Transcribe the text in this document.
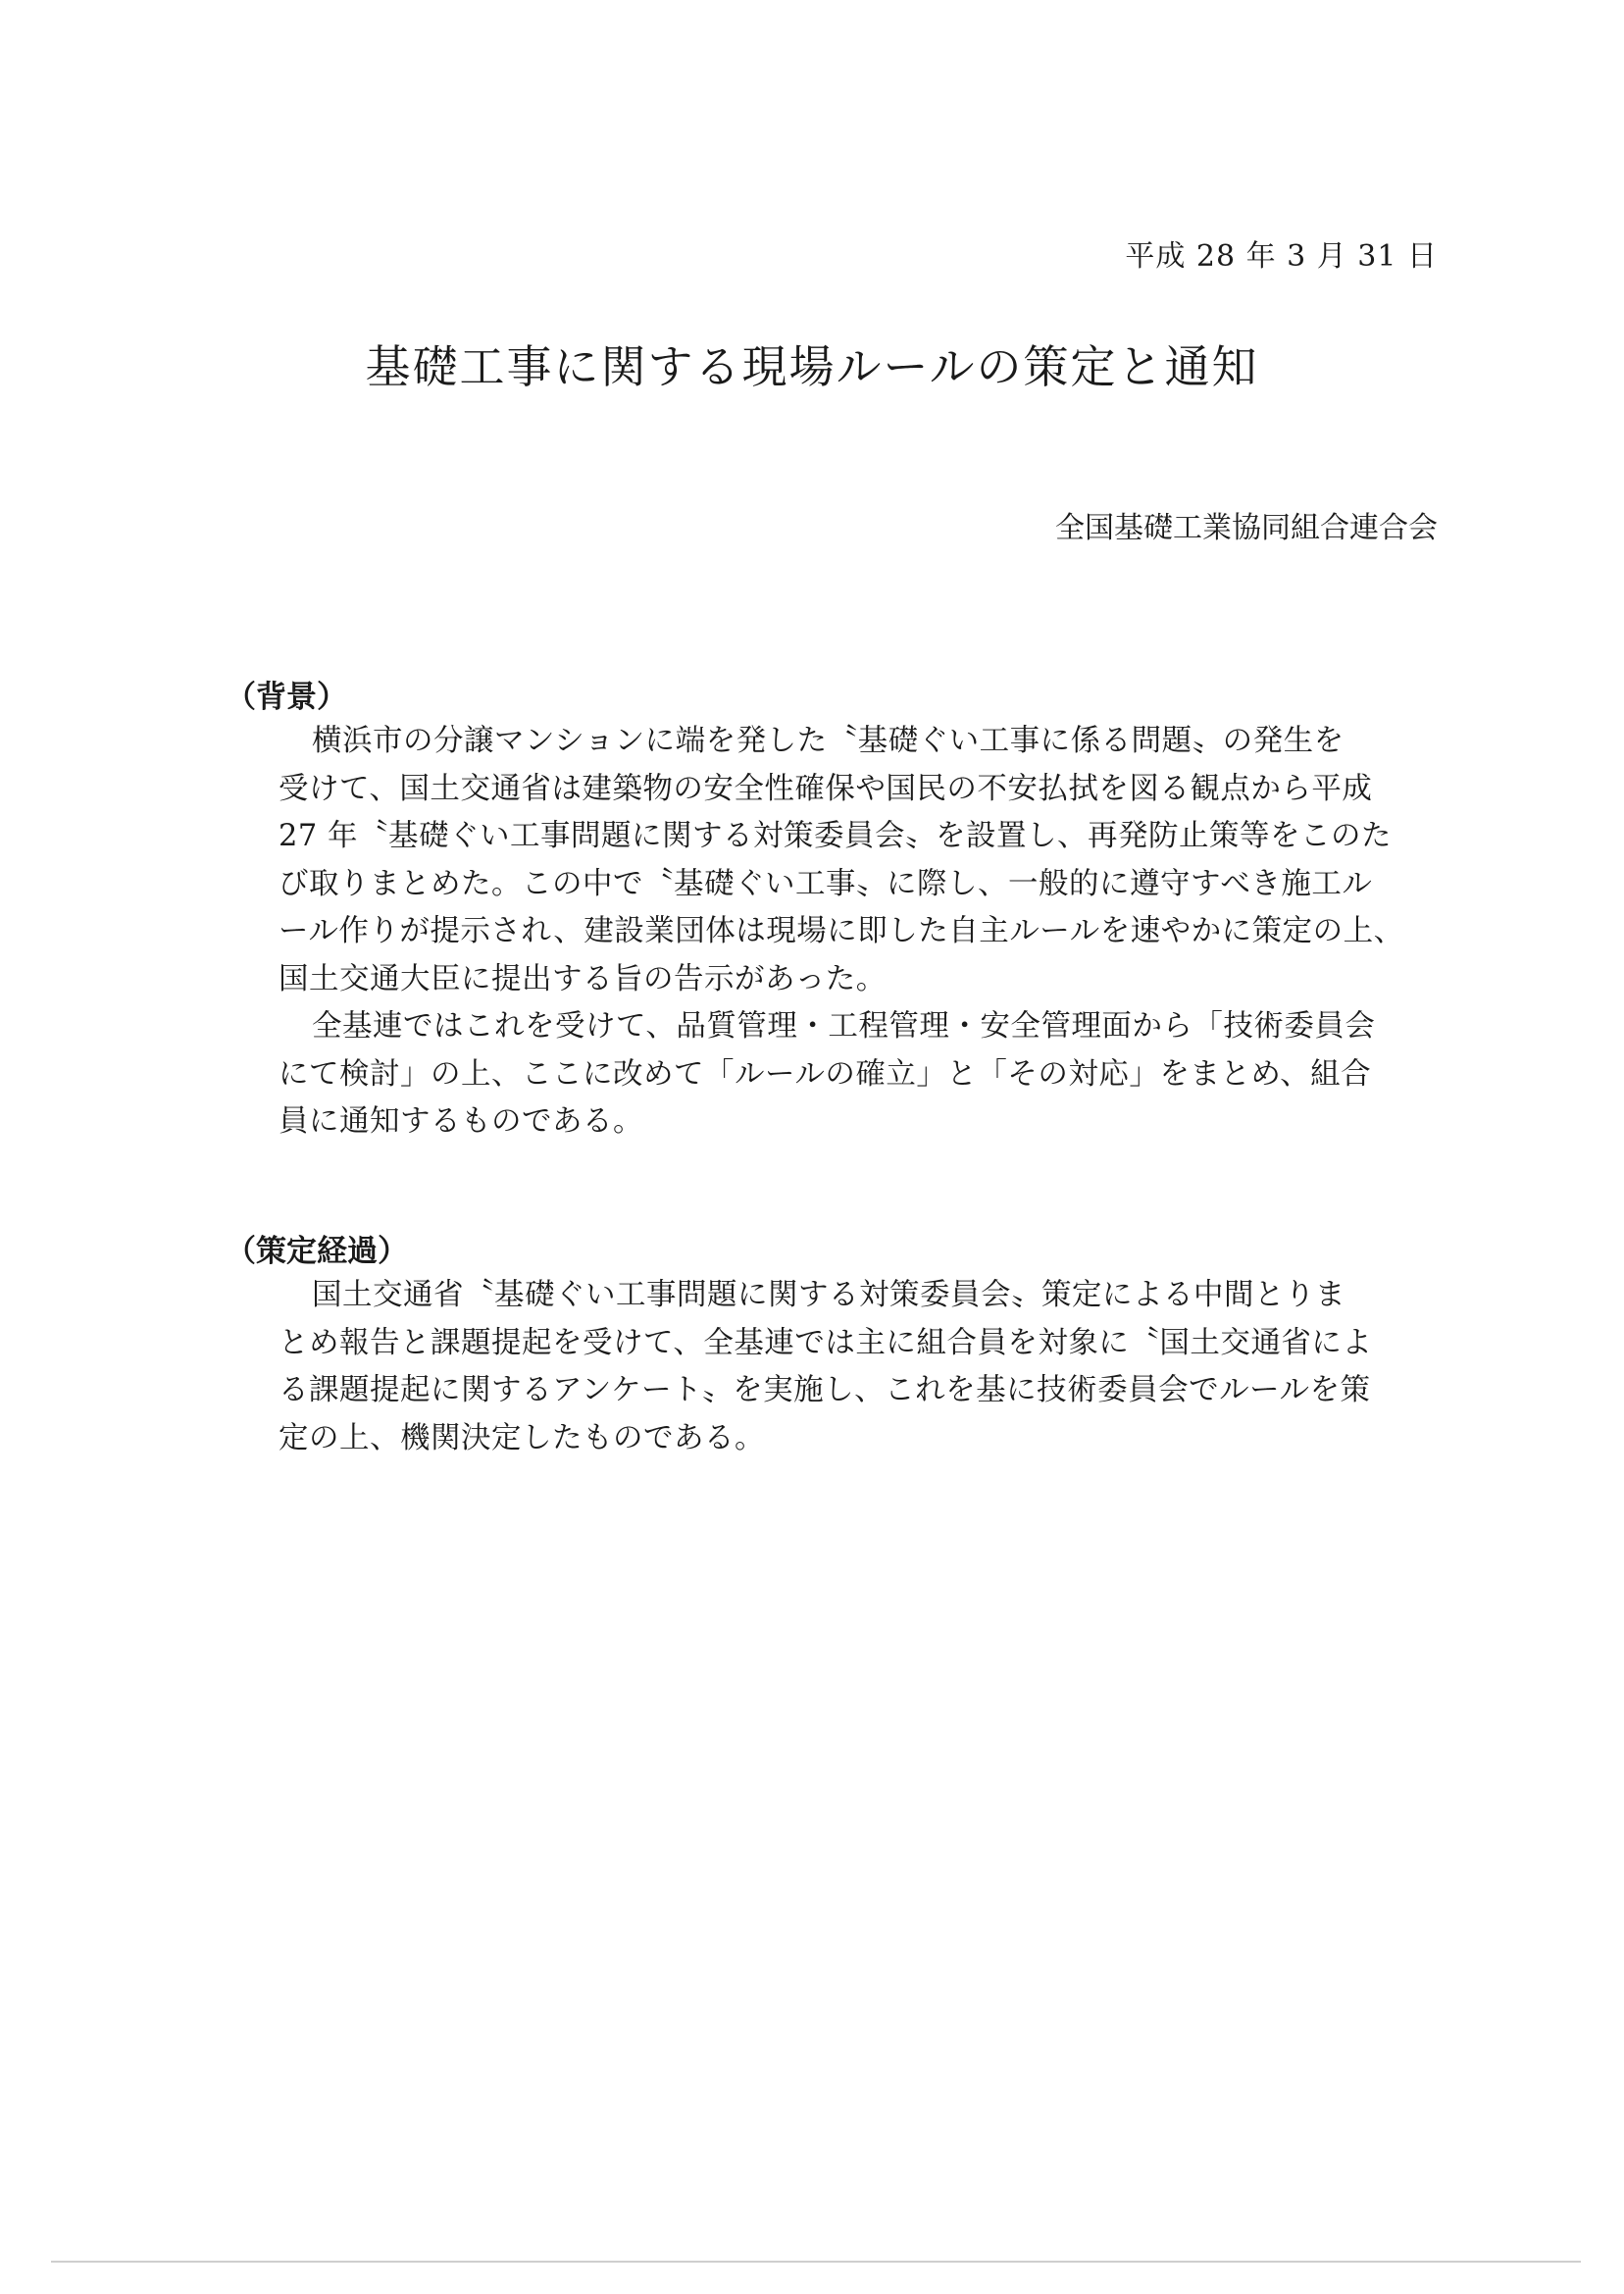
平成 28 年 3 月 31 日
基礎工事に関する現場ルールの策定と通知
全国基礎工業協同組合連合会
（背景）

横浜市の分譲マンションに端を発した〝基礎ぐい工事に係る問題〟の発生を
受けて、国土交通省は建築物の安全性確保や国民の不安払拭を図る観点から平成
27 年〝基礎ぐい工事問題に関する対策委員会〟を設置し、再発防止策等をこのた
び取りまとめた。この中で〝基礎ぐい工事〟に際し、一般的に遵守すべき施工ル
ール作りが提示され、建設業団体は現場に即した自主ルールを速やかに策定の上、
国土交通大臣に提出する旨の告示があった。

全基連ではこれを受けて、品質管理・工程管理・安全管理面から「技術委員会
にて検討」の上、ここに改めて「ルールの確立」と「その対応」をまとめ、組合
員に通知するものである。

（策定経過）

国土交通省〝基礎ぐい工事問題に関する対策委員会〟策定による中間とりま
とめ報告と課題提起を受けて、全基連では主に組合員を対象に〝国土交通省によ
る課題提起に関するアンケート〟を実施し、これを基に技術委員会でルールを策
定の上、機関決定したものである。
